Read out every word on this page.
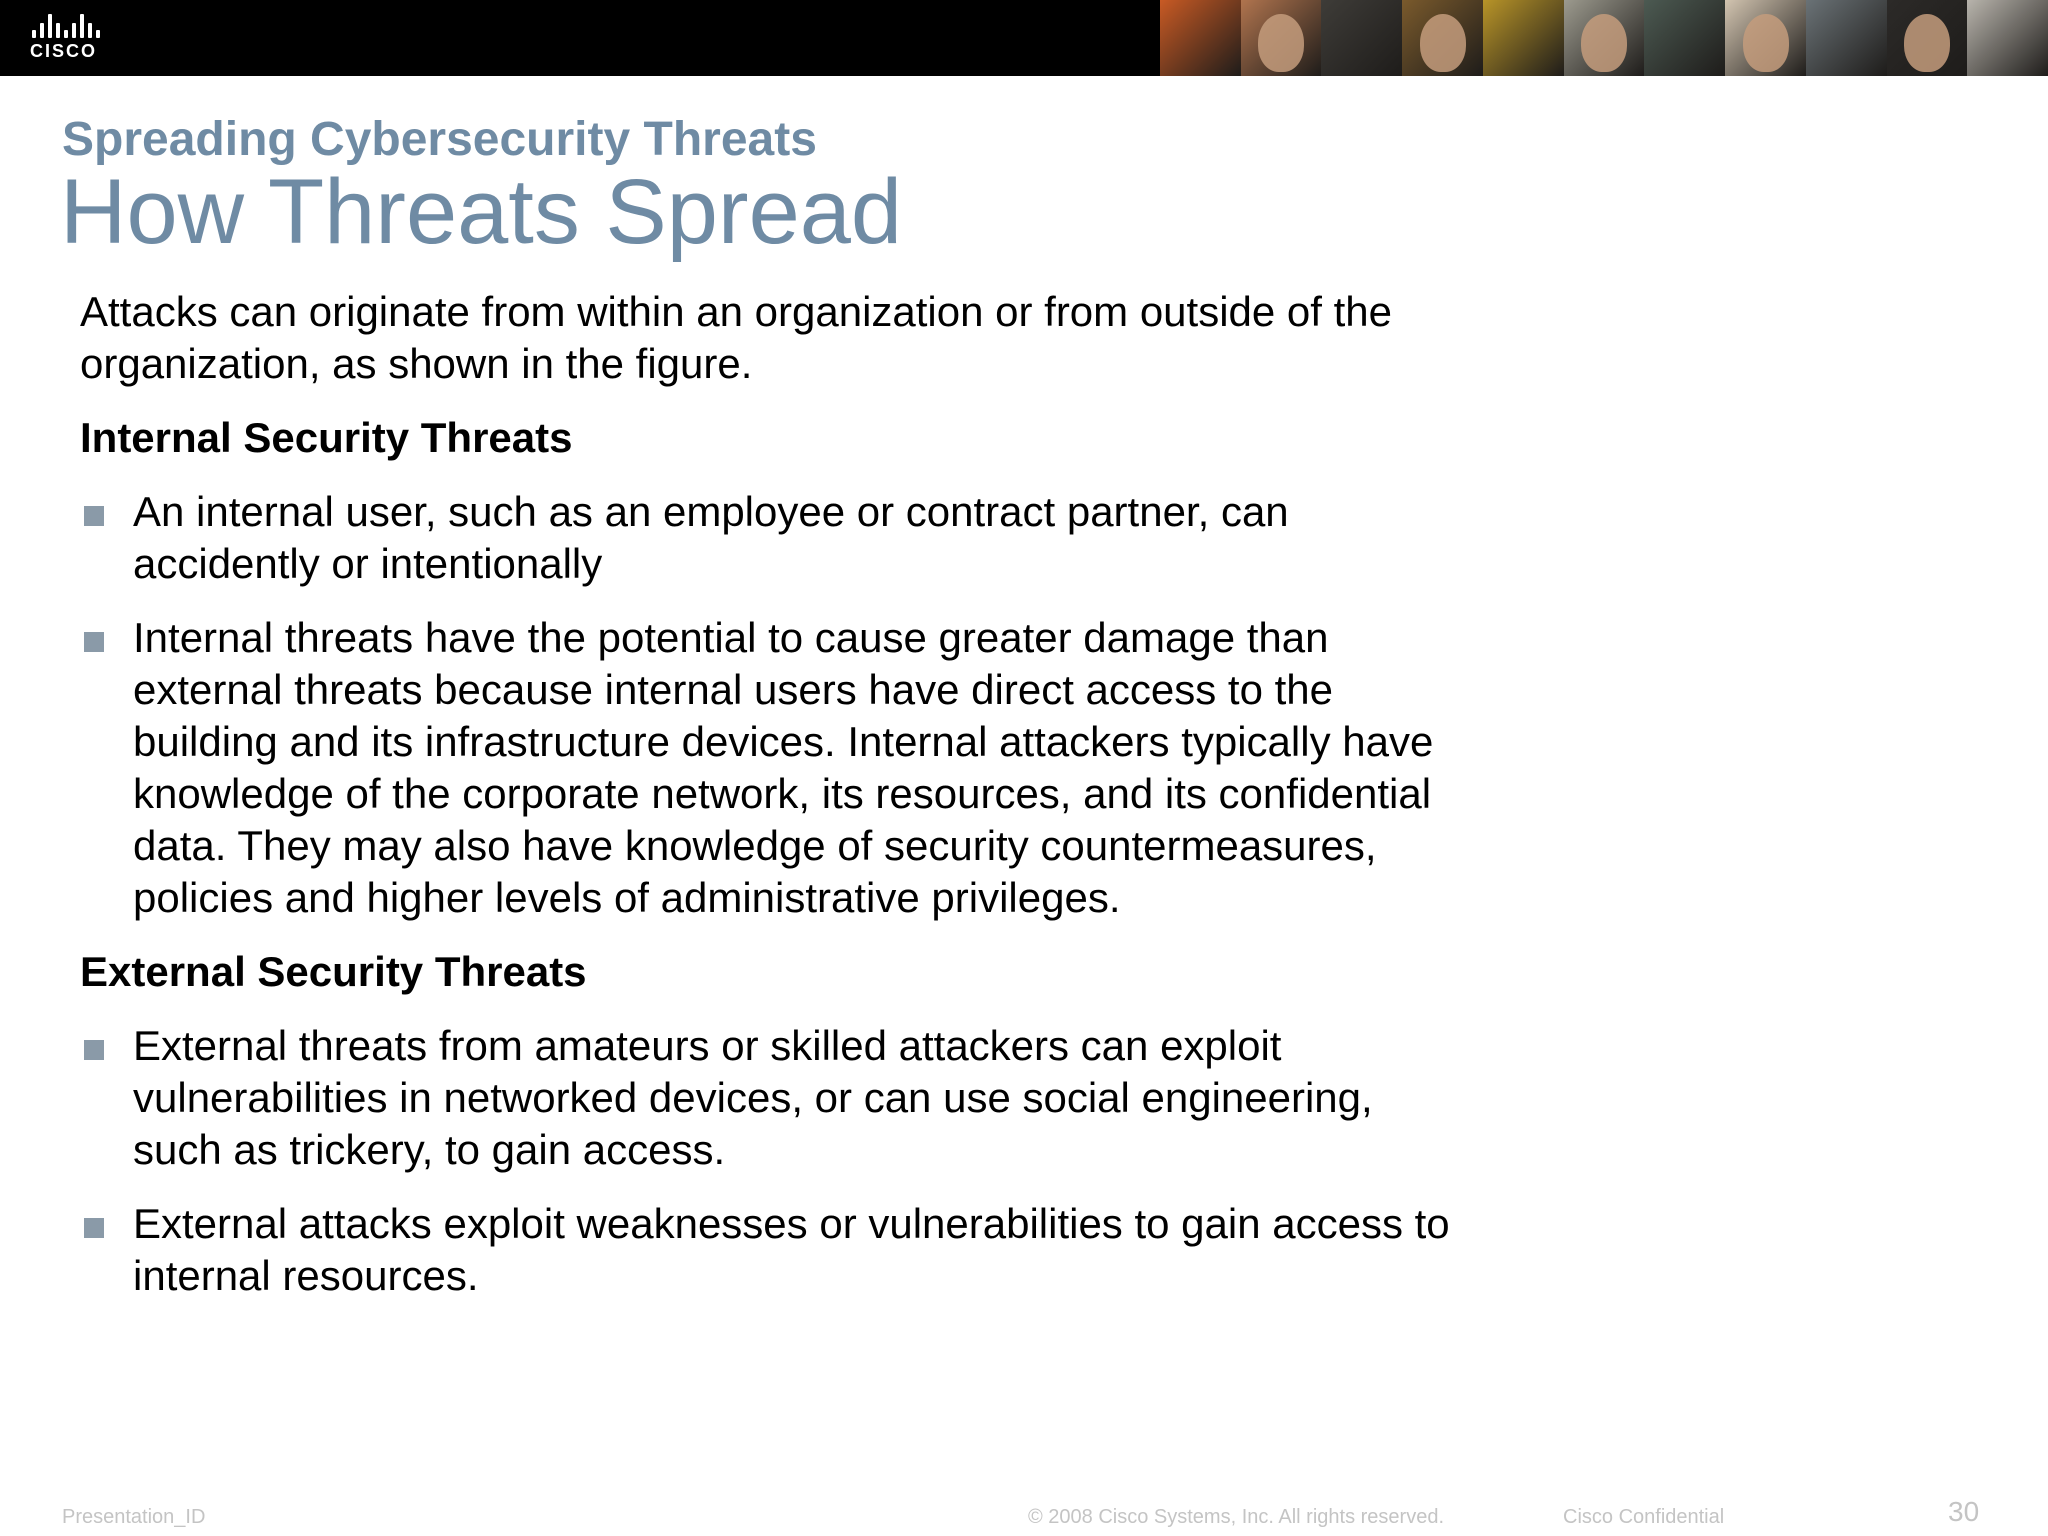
CISCO
Spreading Cybersecurity Threats
How Threats Spread

Attacks can originate from within an organization or from outside of the
organization, as shown in the figure.

Internal Security Threats
An internal user, such as an employee or contract partner, can
accidently or intentionally
Internal threats have the potential to cause greater damage than
external threats because internal users have direct access to the
building and its infrastructure devices. Internal attackers typically have
knowledge of the corporate network, its resources, and its confidential
data. They may also have knowledge of security countermeasures,
policies and higher levels of administrative privileges.
External Security Threats
External threats from amateurs or skilled attackers can exploit
vulnerabilities in networked devices, or can use social engineering,
such as trickery, to gain access.
External attacks exploit weaknesses or vulnerabilities to gain access to
internal resources.
Presentation_ID	© 2008 Cisco Systems, Inc. All rights reserved.	Cisco Confidential	30
